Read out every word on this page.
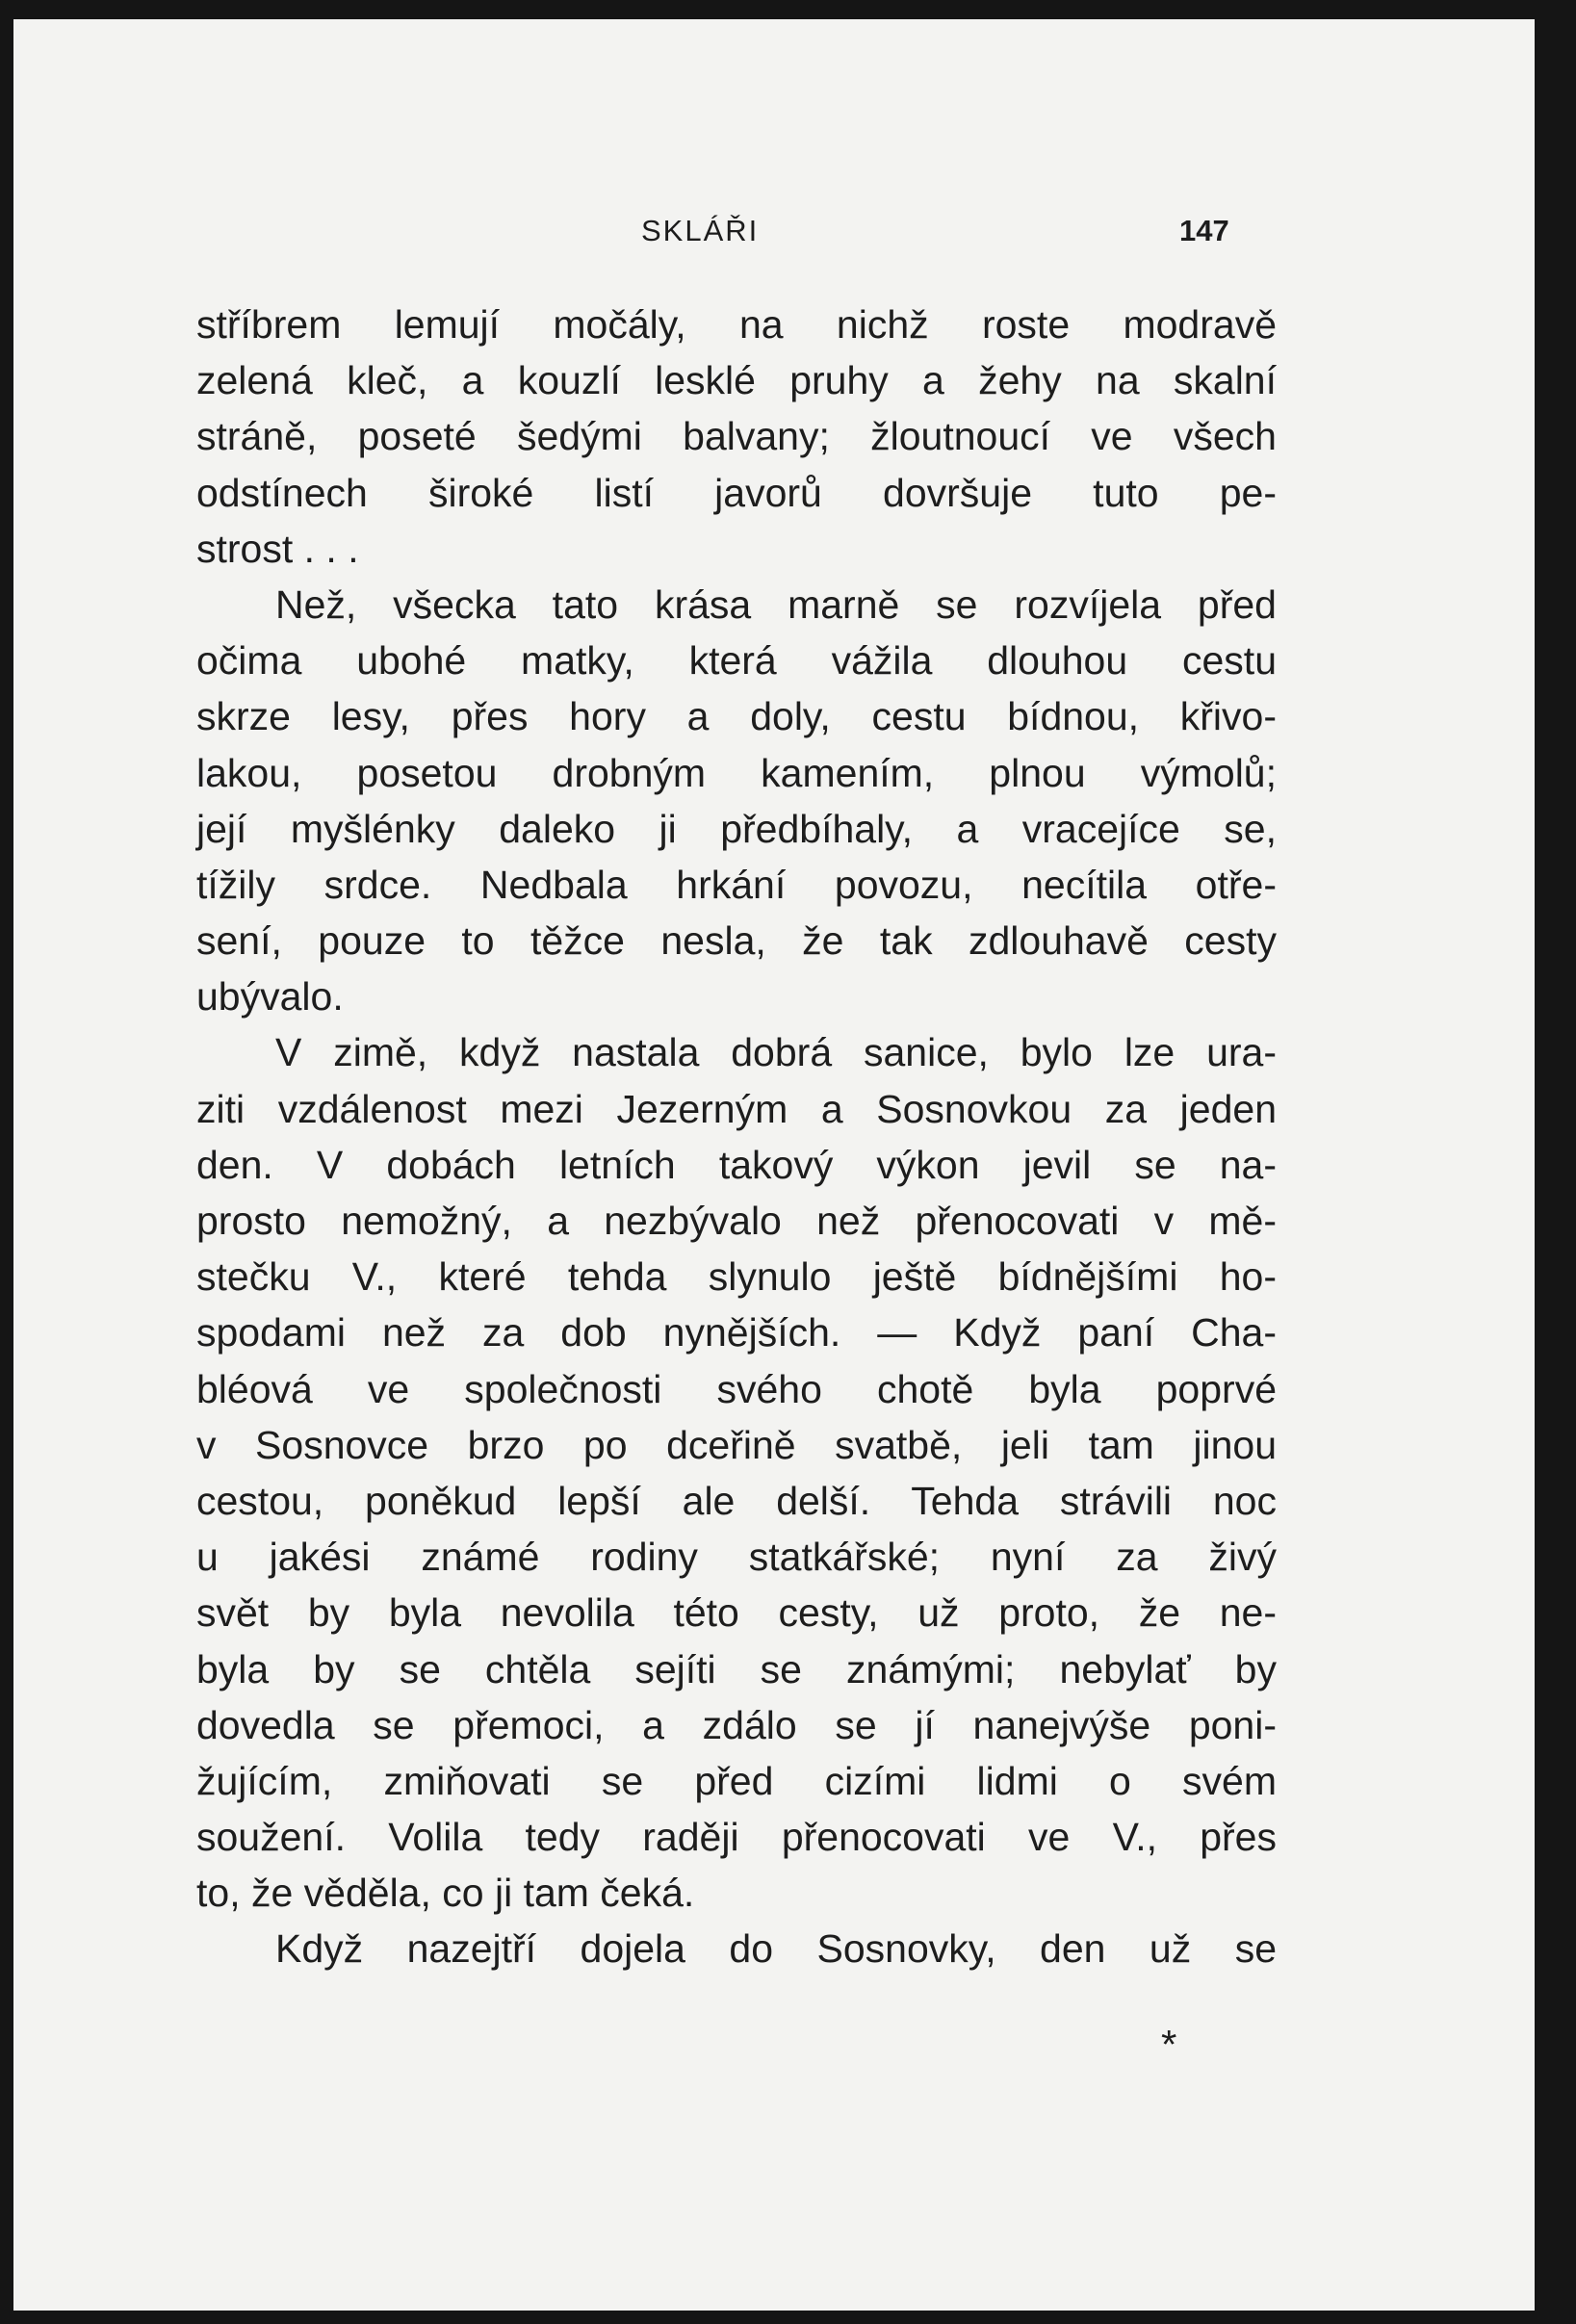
SKLÁŘI	147
stříbrem lemují močály, na nichž roste modravě
zelená kleč, a kouzlí lesklé pruhy a žehy na skalní
stráně, poseté šedými balvany; žloutnoucí ve všech
odstínech široké listí javorů dovršuje tuto pe-
strost . . .
Než, všecka tato krása marně se rozvíjela před
očima ubohé matky, která vážila dlouhou cestu
skrze lesy, přes hory a doly, cestu bídnou, křivo-
lakou, posetou drobným kamením, plnou výmolů;
její myšlénky daleko ji předbíhaly, a vracejíce se,
tížily srdce. Nedbala hrkání povozu, necítila otře-
sení, pouze to těžce nesla, že tak zdlouhavě cesty
ubývalo.
V zimě, když nastala dobrá sanice, bylo lze ura-
ziti vzdálenost mezi Jezerným a Sosnovkou za jeden
den. V dobách letních takový výkon jevil se na-
prosto nemožný, a nezbývalo než přenocovati v mě-
stečku V., které tehda slynulo ještě bídnějšími ho-
spodami než za dob nynějších. — Když paní Cha-
bléová ve společnosti svého chotě byla poprvé
v Sosnovce brzo po dceřině svatbě, jeli tam jinou
cestou, poněkud lepší ale delší. Tehda strávili noc
u jakési známé rodiny statkářské; nyní za živý
svět by byla nevolila této cesty, už proto, že ne-
byla by se chtěla sejíti se známými; nebylať by
dovedla se přemoci, a zdálo se jí nanejvýše poni-
žujícím, zmiňovati se před cizími lidmi o svém
soužení. Volila tedy raději přenocovati ve V., přes
to, že věděla, co ji tam čeká.
Když nazejtří dojela do Sosnovky, den už se
*
